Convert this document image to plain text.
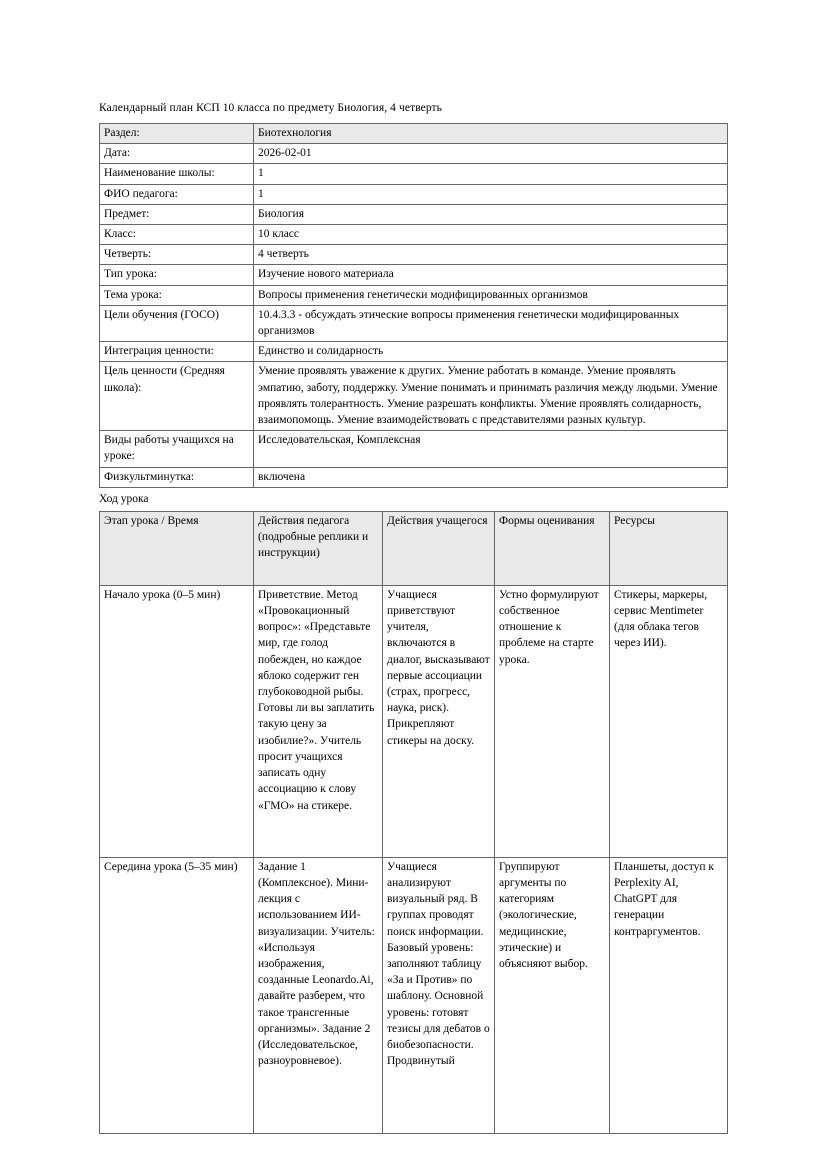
Календарный план КСП 10 класса по предмету Биология, 4 четверть

Раздел:	Биотехнология
Дата:	2026-02-01
Наименование школы:	1
ФИО педагога:	1
Предмет:	Биология
Класс:	10 класс
Четверть:	4 четверть
Тип урока:	Изучение нового материала
Тема урока:	Вопросы применения генетически модифицированных организмов
Цели обучения (ГОСО)	10.4.3.3 - обсуждать этические вопросы применения генетически модифицированных организмов
Интеграция ценности:	Единство и солидарность
Цель ценности (Средняя школа):	Умение проявлять уважение к других. Умение работать в команде. Умение проявлять эмпатию, заботу, поддержку. Умение понимать и принимать различия между людьми. Умение проявлять толерантность. Умение разрешать конфликты. Умение проявлять солидарность, взаимопомощь. Умение взаимодействовать с представителями разных культур.
Виды работы учащихся на уроке:	Исследовательская, Комплексная
Физкультминутка:	включена

Ход урока

Этап урока / Время	Действия педагога (подробные реплики и инструкции)	Действия учащегося	Формы оценивания	Ресурсы
Начало урока (0–5 мин)	Приветствие. Метод «Провокационный вопрос»: «Представьте мир, где голод побежден, но каждое яблоко содержит ген глубоководной рыбы. Готовы ли вы заплатить такую цену за изобилие?». Учитель просит учащихся записать одну ассоциацию к слову «ГМО» на стикере.	Учащиеся приветствуют учителя, включаются в диалог, высказывают первые ассоциации (страх, прогресс, наука, риск). Прикрепляют стикеры на доску.	Устно формулируют собственное отношение к проблеме на старте урока.	Стикеры, маркеры, сервис Mentimeter (для облака тегов через ИИ).
Середина урока (5–35 мин)	Задание 1 (Комплексное). Мини-лекция с использованием ИИ-визуализации. Учитель: «Используя изображения, созданные Leonardo.Ai, давайте разберем, что такое трансгенные организмы». Задание 2 (Исследовательское, разноуровневое).	Учащиеся анализируют визуальный ряд. В группах проводят поиск информации. Базовый уровень: заполняют таблицу «За и Против» по шаблону. Основной уровень: готовят тезисы для дебатов о биобезопасности. Продвинутый	Группируют аргументы по категориям (экологические, медицинские, этические) и объясняют выбор.	Планшеты, доступ к Perplexity AI, ChatGPT для генерации контраргументов.
